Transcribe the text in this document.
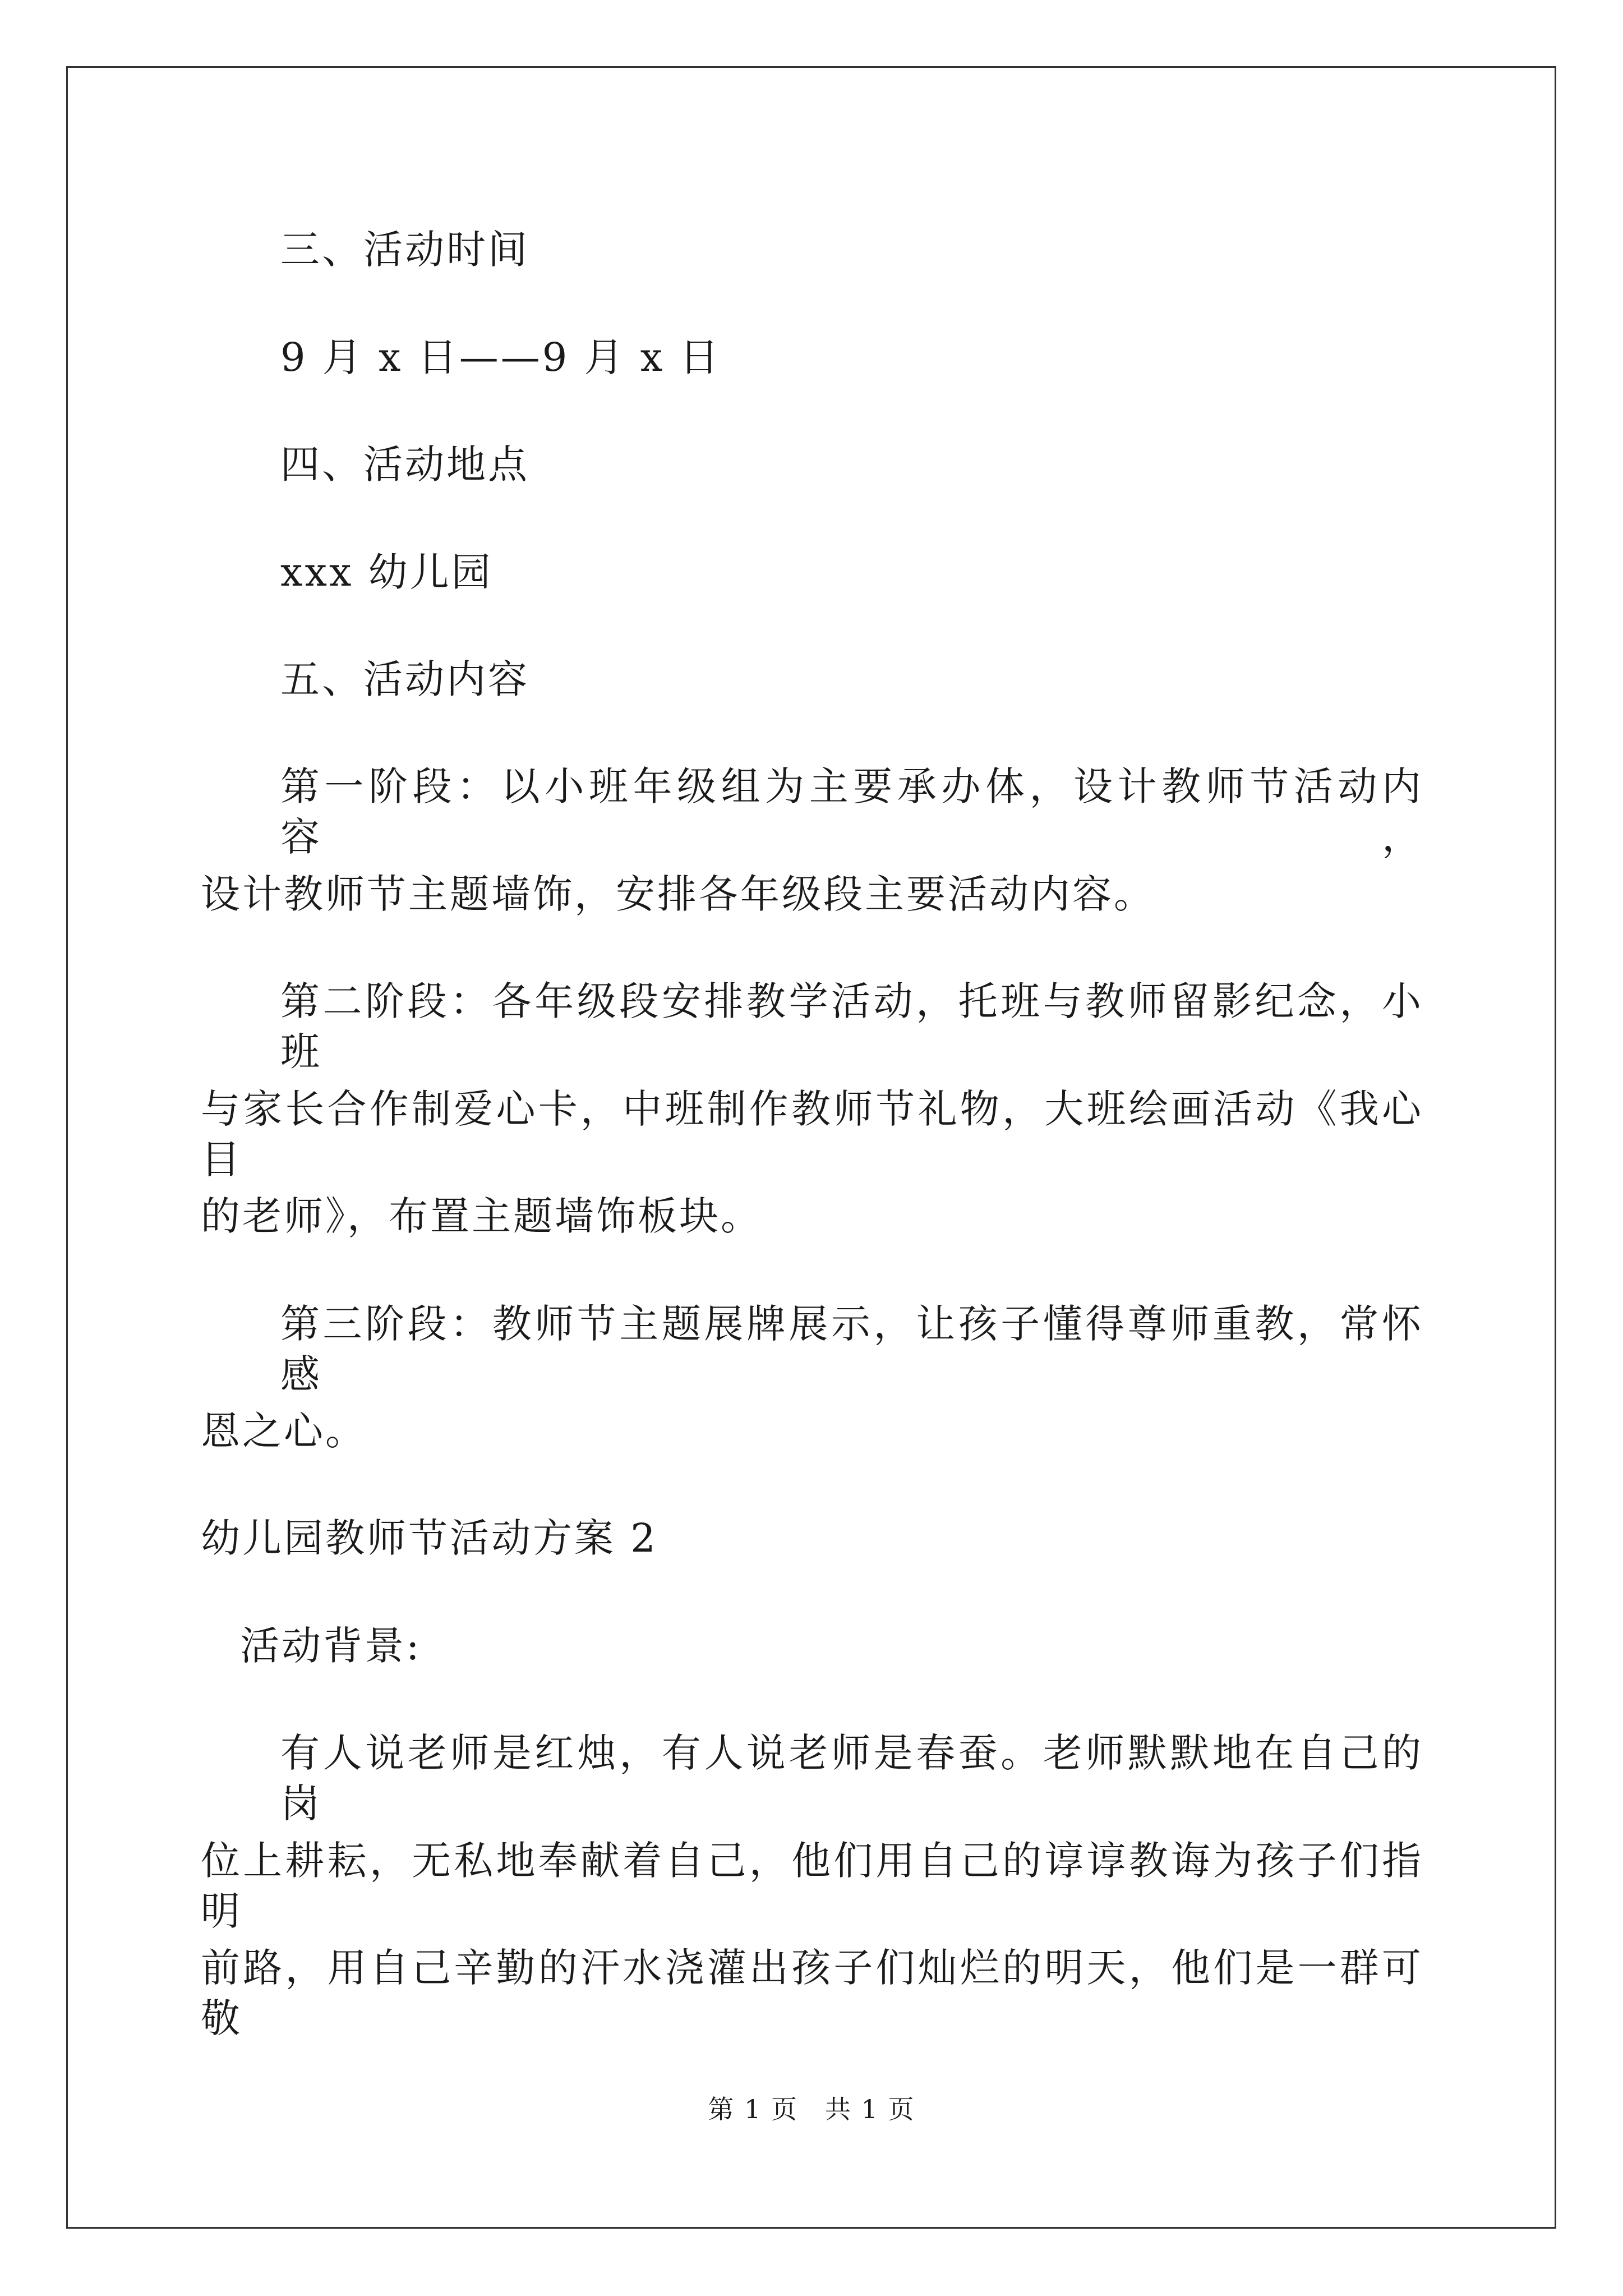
三、活动时间
9 月 x 日——9 月 x 日
四、活动地点
xxx 幼儿园
五、活动内容
第一阶段：以小班年级组为主要承办体，设计教师节活动内容，
设计教师节主题墙饰，安排各年级段主要活动内容。
第二阶段：各年级段安排教学活动，托班与教师留影纪念，小班
与家长合作制爱心卡，中班制作教师节礼物，大班绘画活动《我心目
的老师》，布置主题墙饰板块。
第三阶段：教师节主题展牌展示，让孩子懂得尊师重教，常怀感
恩之心。
幼儿园教师节活动方案 2
活动背景:
有人说老师是红烛，有人说老师是春蚕。老师默默地在自己的岗
位上耕耘，无私地奉献着自己，他们用自己的谆谆教诲为孩子们指明
前路，用自己辛勤的汗水浇灌出孩子们灿烂的明天，他们是一群可敬
第 1 页　共 1 页
